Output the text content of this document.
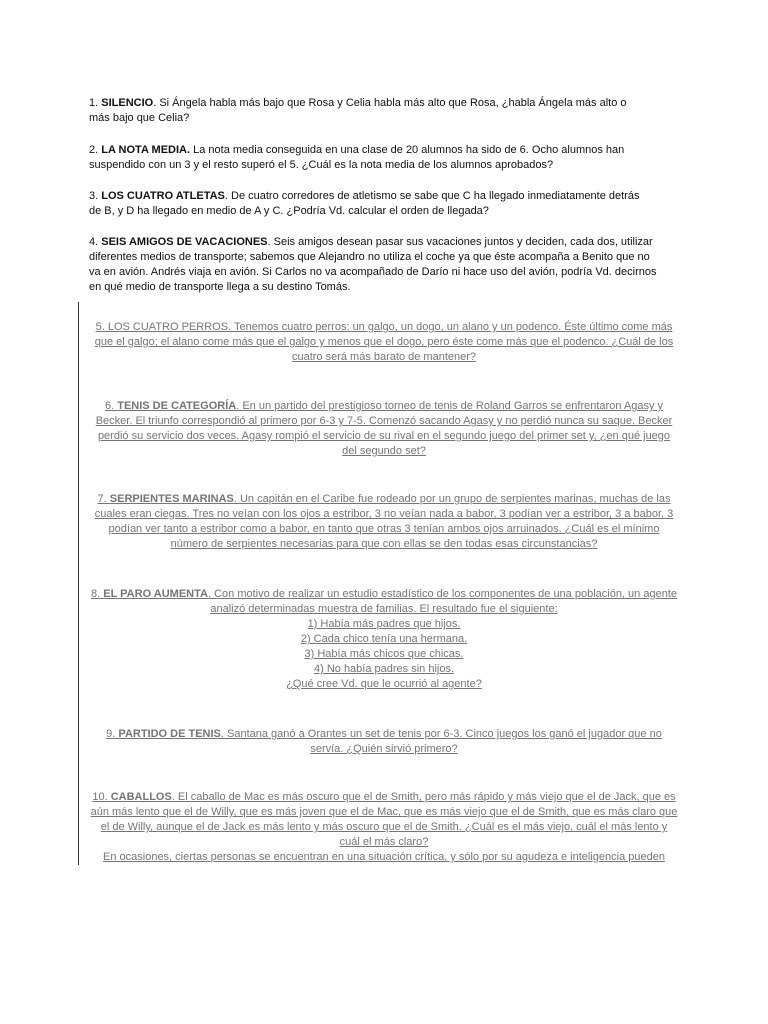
1. SILENCIO. Si Ángela habla más bajo que Rosa y Celia habla más alto que Rosa, ¿habla Ángela más alto o más bajo que Celia?
2. LA NOTA MEDIA. La nota media conseguida en una clase de 20 alumnos ha sido de 6. Ocho alumnos han suspendido con un 3 y el resto superó el 5. ¿Cuál es la nota media de los alumnos aprobados?
3. LOS CUATRO ATLETAS. De cuatro corredores de atletismo se sabe que C ha llegado inmediatamente detrás de B, y D ha llegado en medio de A y C. ¿Podría Vd. calcular el orden de llegada?
4. SEIS AMIGOS DE VACACIONES. Seis amigos desean pasar sus vacaciones juntos y deciden, cada dos, utilizar diferentes medios de transporte; sabemos que Alejandro no utiliza el coche ya que éste acompaña a Benito que no va en avión. Andrés viaja en avión. Si Carlos no va acompañado de Darío ni hace uso del avión, podría Vd. decirnos en qué medio de transporte llega a su destino Tomás.
5. LOS CUATRO PERROS. Tenemos cuatro perros: un galgo, un dogo, un alano y un podenco. Éste último come más que el galgo; el alano come más que el galgo y menos que el dogo, pero éste come más que el podenco. ¿Cuál de los cuatro será más barato de mantener?
6. TENIS DE CATEGORÍA. En un partido del prestigioso torneo de tenis de Roland Garros se enfrentaron Agasy y Becker. El triunfo correspondió al primero por 6-3 y 7-5. Comenzó sacando Agasy y no perdió nunca su saque. Becker perdió su servicio dos veces. Agasy rompió el servicio de su rival en el segundo juego del primer set y, ¿en qué juego del segundo set?
7. SERPIENTES MARINAS. Un capitán en el Caribe fue rodeado por un grupo de serpientes marinas, muchas de las cuales eran ciegas. Tres no veían con los ojos a estribor, 3 no veían nada a babor, 3 podían ver a estribor, 3 a babor, 3 podían ver tanto a estribor como a babor, en tanto que otras 3 tenían ambos ojos arruinados. ¿Cuál es el mínimo número de serpientes necesarias para que con ellas se den todas esas circunstancias?
8. EL PARO AUMENTA. Con motivo de realizar un estudio estadístico de los componentes de una población, un agente analizó determinadas muestra de familias. El resultado fue el siguiente:
1) Había más padres que hijos.
2) Cada chico tenía una hermana.
3) Había más chicos que chicas.
4) No había padres sin hijos.
¿Qué cree Vd. que le ocurrió al agente?
9. PARTIDO DE TENIS. Santana ganó a Orantes un set de tenis por 6-3. Cinco juegos los ganó el jugador que no servía. ¿Quién sirvió primero?
10. CABALLOS. El caballo de Mac es más oscuro que el de Smith, pero más rápido y más viejo que el de Jack, que es aún más lento que el de Willy, que es más joven que el de Mac, que es más viejo que el de Smith, que es más claro que el de Willy, aunque el de Jack es más lento y más oscuro que el de Smith. ¿Cuál es el más viejo, cuál el más lento y cuál el más claro?
En ocasiones, ciertas personas se encuentran en una situación crítica, y sólo por su agudeza e inteligencia pueden
